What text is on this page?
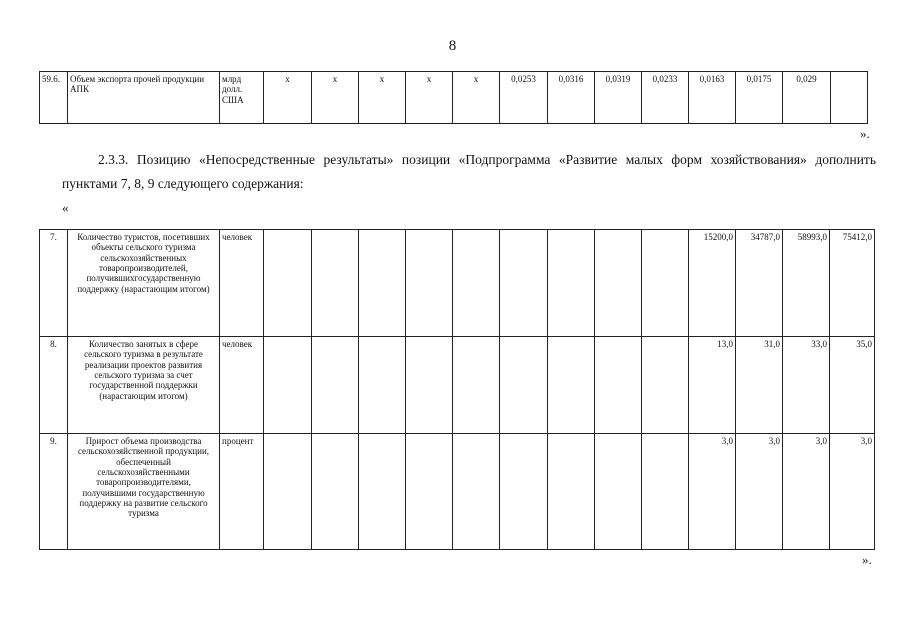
8
59.6.	Объем экспорта прочей продукции АПК	млрд долл. США	x	x	x	x	x	0,0253	0,0316	0,0319	0,0233	0,0163	0,0175	0,029	
».
2.3.3. Позицию «Непосредственные результаты» позиции «Подпрограмма «Развитие малых форм хозяйствования» дополнить пунктами 7, 8, 9 следующего содержания:
«
7.	Количество туристов, посетивших объекты сельского туризма сельскохозяйственных товаропроизводителей, получившихгосударственную поддержку (нарастающим итогом)	человек										15200,0	34787,0	58993,0	75412,0
8.	Количество занятых в сфере сельского туризма в результате реализации проектов развития сельского туризма за счет государственной поддержки (нарастающим итогом)	человек										13,0	31,0	33,0	35,0
9.	Прирост объема производства сельскохозяйственной продукции, обеспеченный сельскохозяйственными товаропроизводителями, получившими государственную поддержку на развитие сельского туризма	процент										3,0	3,0	3,0	3,0
».
